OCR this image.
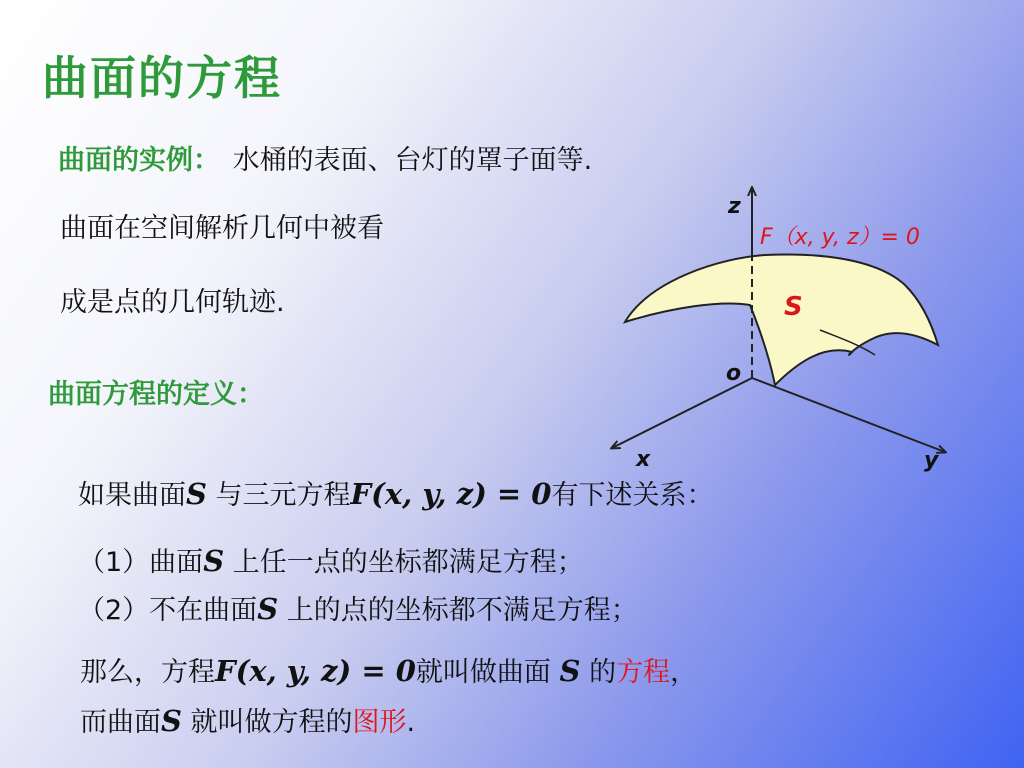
曲面的方程
曲面的实例： 水桶的表面、台灯的罩子面等.
曲面在空间解析几何中被看
成是点的几何轨迹.
曲面方程的定义：
如果曲面S 与三元方程F(x, y, z) = 0有下述关系：
（1）曲面S 上任一点的坐标都满足方程；
（2）不在曲面S 上的点的坐标都不满足方程；
那么，方程F(x, y, z) = 0就叫做曲面 S 的方程，
而曲面S 就叫做方程的图形.
z
x	y
o
F（x, y, z）= 0
S
